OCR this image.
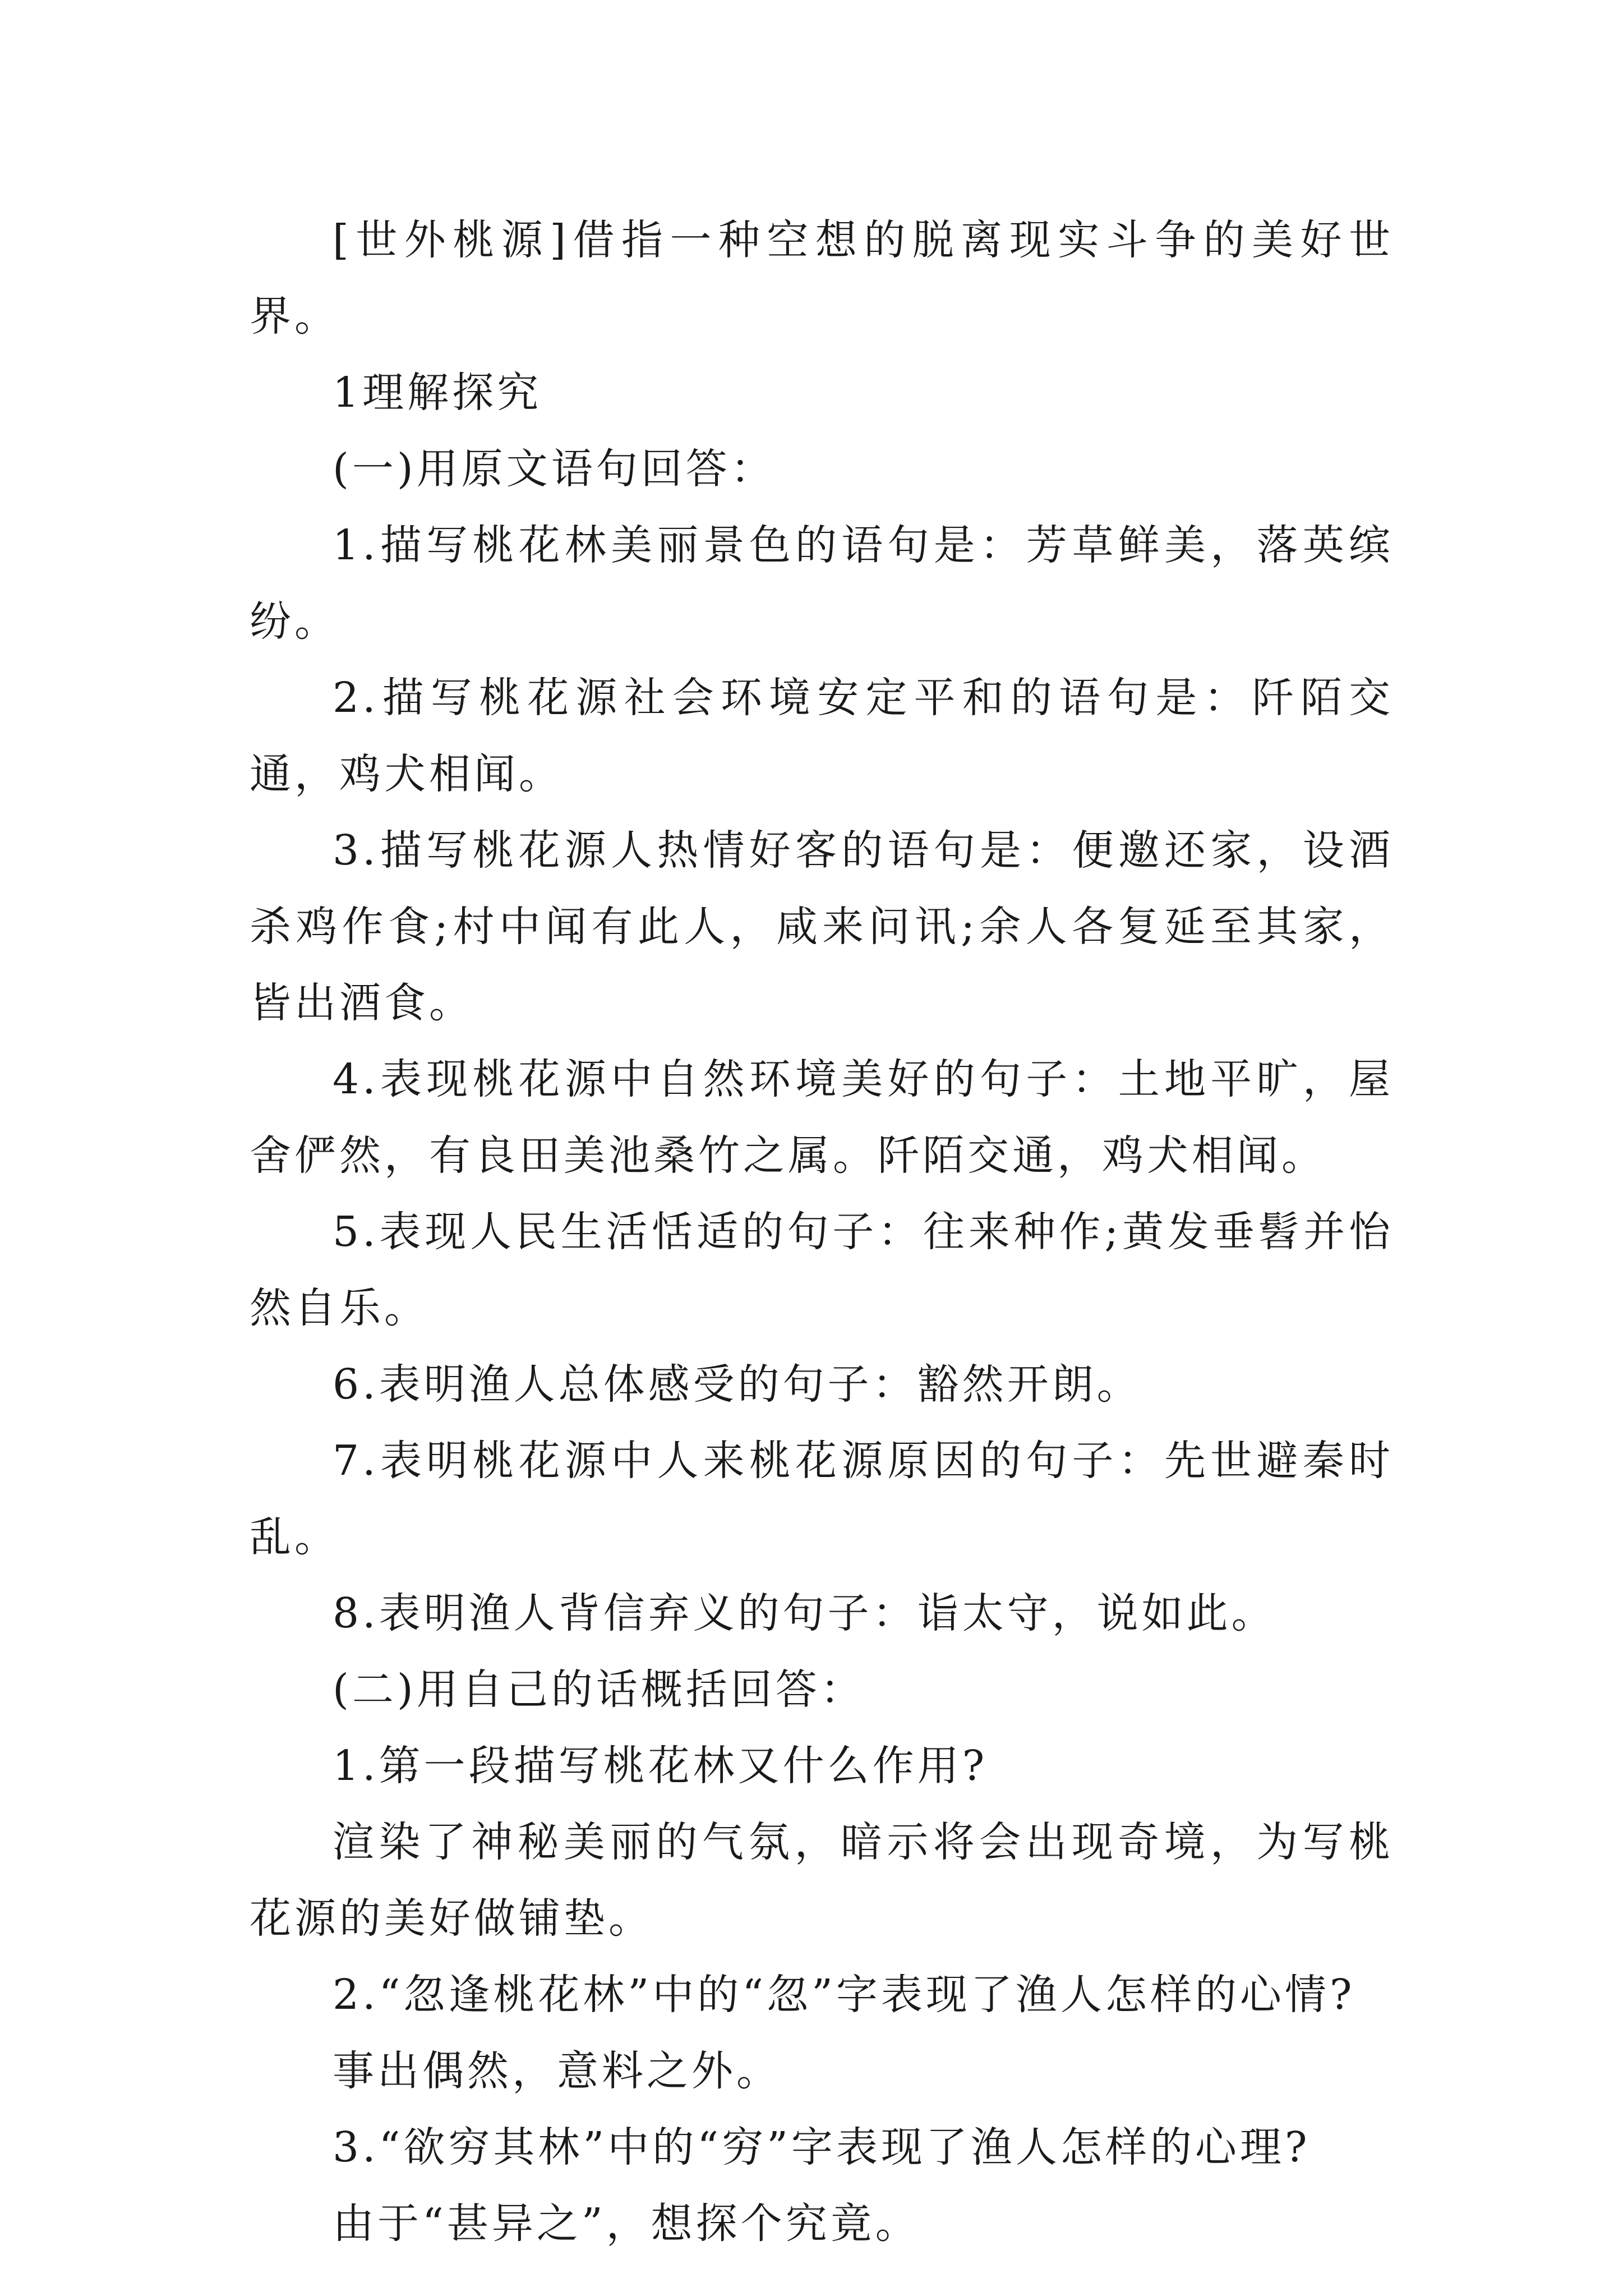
[世外桃源]借指一种空想的脱离现实斗争的美好世界。

1理解探究

(一)用原文语句回答：

1.描写桃花林美丽景色的语句是：芳草鲜美，落英缤纷。

2.描写桃花源社会环境安定平和的语句是：阡陌交通，鸡犬相闻。

3.描写桃花源人热情好客的语句是：便邀还家，设酒杀鸡作食;村中闻有此人，咸来问讯;余人各复延至其家，皆出酒食。

4.表现桃花源中自然环境美好的句子：土地平旷，屋舍俨然，有良田美池桑竹之属。阡陌交通，鸡犬相闻。

5.表现人民生活恬适的句子：往来种作;黄发垂髫并怡然自乐。

6.表明渔人总体感受的句子：豁然开朗。

7.表明桃花源中人来桃花源原因的句子：先世避秦时乱。

8.表明渔人背信弃义的句子：诣太守，说如此。

(二)用自己的话概括回答：

1.第一段描写桃花林又什么作用?

渲染了神秘美丽的气氛，暗示将会出现奇境，为写桃花源的美好做铺垫。

2.“忽逢桃花林”中的“忽”字表现了渔人怎样的心情?

事出偶然，意料之外。

3.“欲穷其林”中的“穷”字表现了渔人怎样的心理?

由于“甚异之”，想探个究竟。
